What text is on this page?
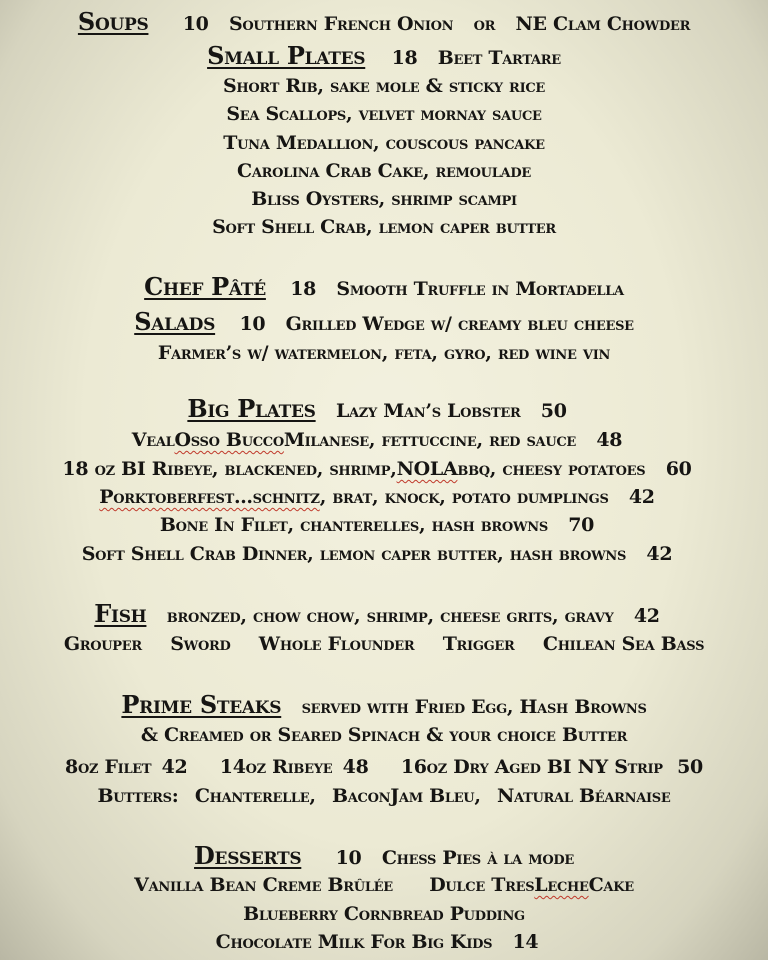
Soups 10 Southern French Onion or NE Clam Chowder
Small Plates 18 Beet Tartare
Short Rib, sake mole & sticky rice
Sea Scallops, velvet mornay sauce
Tuna Medallion, couscous pancake
Carolina Crab Cake, remoulade
Bliss Oysters, shrimp scampi
Soft Shell Crab, lemon caper butter
Chef Pâté 18 Smooth Truffle in Mortadella
Salads 10 Grilled Wedge w/ creamy bleu cheese
Farmer’s w/ watermelon, feta, gyro, red wine vin
Big Plates Lazy Man’s Lobster 50
VealOsso BuccoMilanese, fettuccine, red sauce 48
18 oz BI Ribeye, blackened, shrimp,NOLAbbq, cheesy potatoes 60
Porktoberfest…schnitz, brat, knock, potato dumplings 42
Bone In Filet, chanterelles, hash browns 70
Soft Shell Crab Dinner, lemon caper butter, hash browns 42
Fish bronzed, chow chow, shrimp, cheese grits, gravy 42
Grouper Sword Whole Flounder Trigger Chilean Sea Bass
Prime Steaks served with Fried Egg, Hash Browns
& Creamed or Seared Spinach & your choice Butter
8oz Filet 42 14oz Ribeye 48 16oz Dry Aged BI NY Strip 50
Butters: Chanterelle, BaconJam Bleu, Natural Béarnaise
Desserts 10 Chess Pies à la mode
Vanilla Bean Creme Brûlée Dulce TresLecheCake
Blueberry Cornbread Pudding
Chocolate Milk For Big Kids 14
